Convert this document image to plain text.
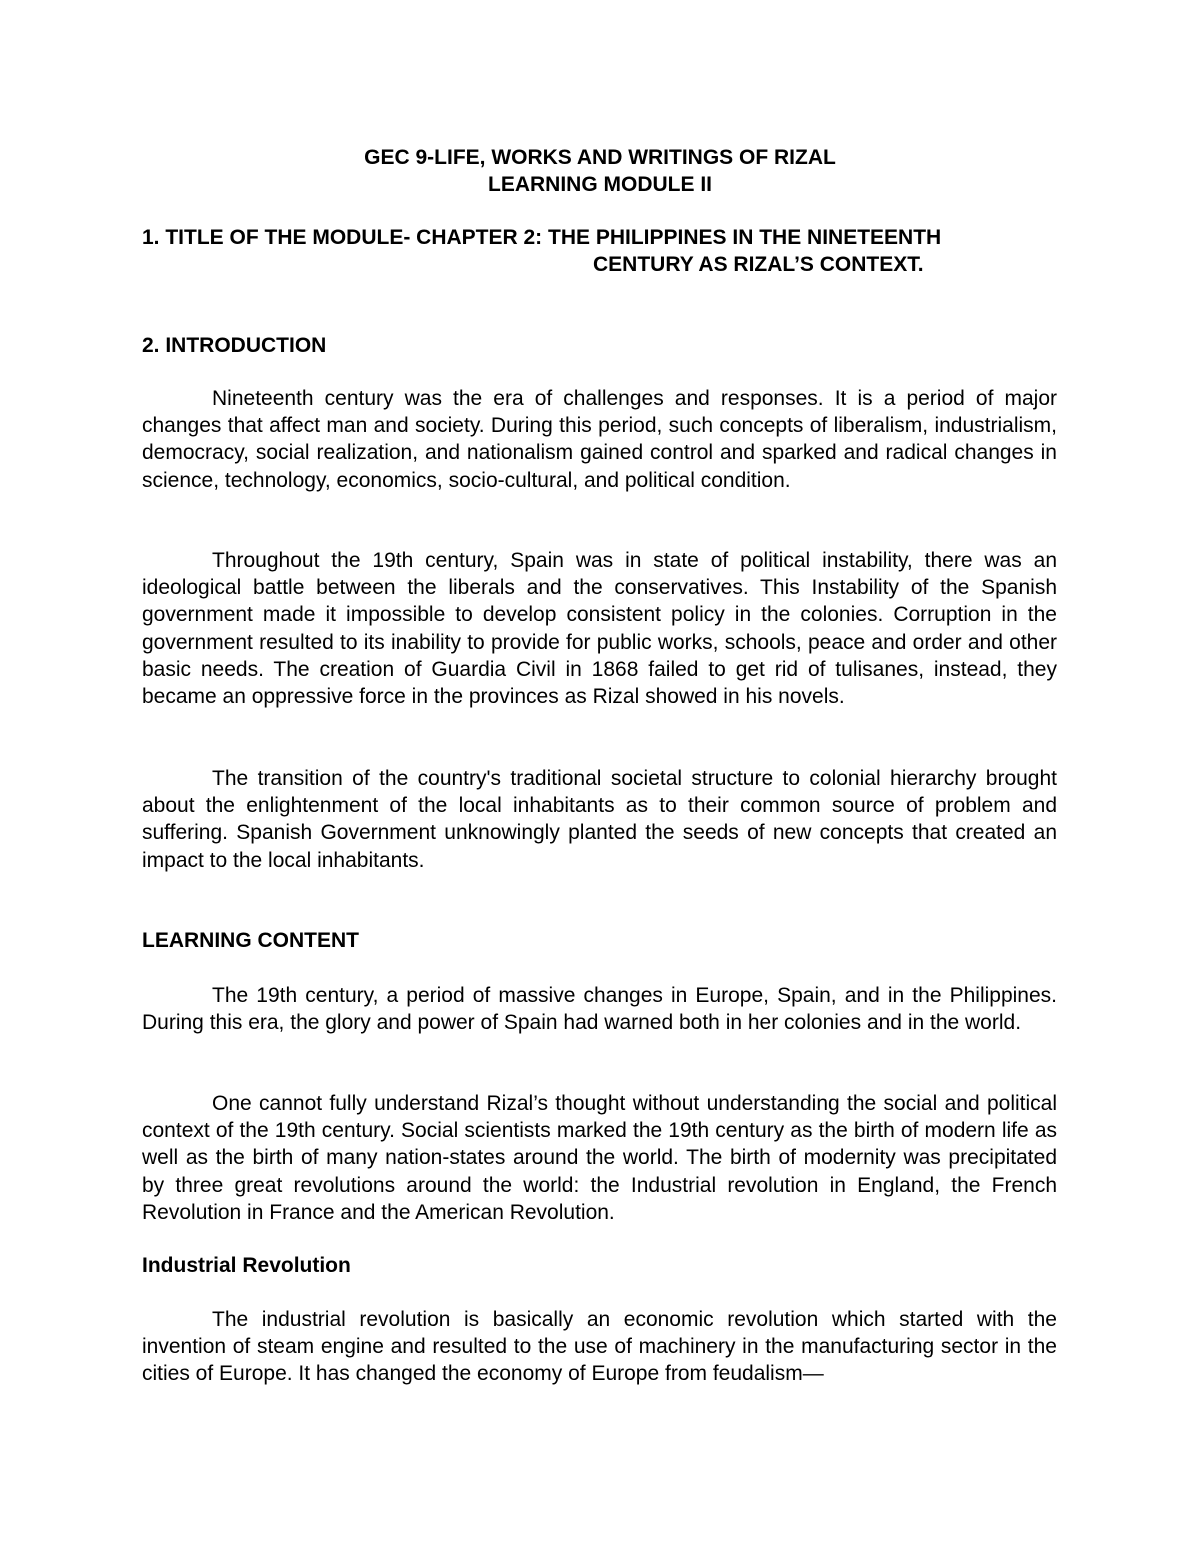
GEC 9-LIFE, WORKS AND WRITINGS OF RIZAL
LEARNING MODULE II
1. TITLE OF THE MODULE- CHAPTER 2: THE PHILIPPINES IN THE NINETEENTH
CENTURY AS RIZAL’S CONTEXT.
2. INTRODUCTION
Nineteenth century was the era of challenges and responses. It is a period of major changes that affect man and society. During this period, such concepts of liberalism, industrialism, democracy, social realization, and nationalism gained control and sparked and radical changes in science, technology, economics, socio-cultural, and political condition.
Throughout the 19th century, Spain was in state of political instability, there was an ideological battle between the liberals and the conservatives. This Instability of the Spanish government made it impossible to develop consistent policy in the colonies. Corruption in the government resulted to its inability to provide for public works, schools, peace and order and other basic needs. The creation of Guardia Civil in 1868 failed to get rid of tulisanes, instead, they became an oppressive force in the provinces as Rizal showed in his novels.
The transition of the country's traditional societal structure to colonial hierarchy brought about the enlightenment of the local inhabitants as to their common source of problem and suffering. Spanish Government unknowingly planted the seeds of new concepts that created an impact to the local inhabitants.
LEARNING CONTENT
The 19th century, a period of massive changes in Europe, Spain, and in the Philippines. During this era, the glory and power of Spain had warned both in her colonies and in the world.
One cannot fully understand Rizal’s thought without understanding the social and political context of the 19th century. Social scientists marked the 19th century as the birth of modern life as well as the birth of many nation-states around the world. The birth of modernity was precipitated by three great revolutions around the world: the Industrial revolution in England, the French Revolution in France and the American Revolution.
Industrial Revolution
The industrial revolution is basically an economic revolution which started with the invention of steam engine and resulted to the use of machinery in the manufacturing sector in the cities of Europe. It has changed the economy of Europe from feudalism—
